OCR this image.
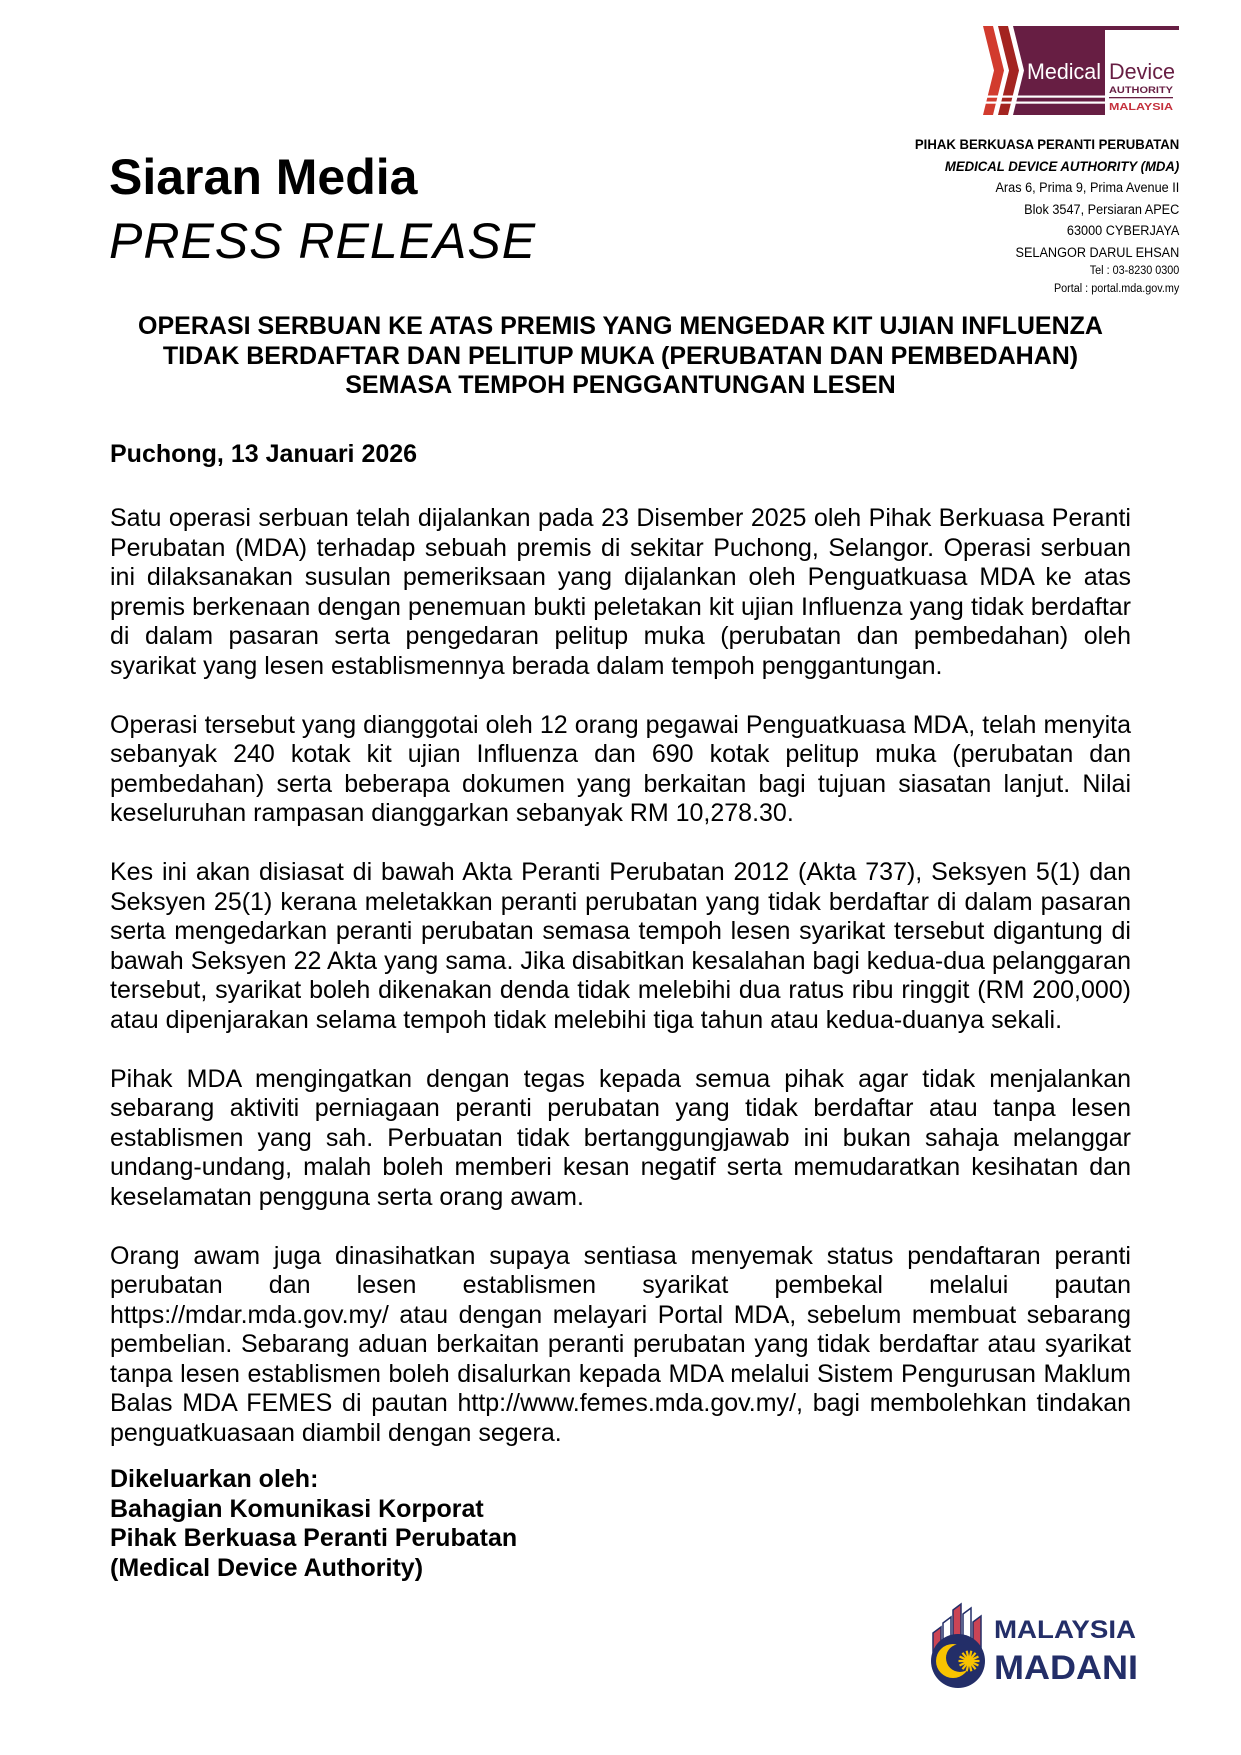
Medical Device
AUTHORITY
MALAYSIA
PIHAK BERKUASA PERANTI PERUBATAN
MEDICAL DEVICE AUTHORITY (MDA)
Aras 6, Prima 9, Prima Avenue II
Blok 3547, Persiaran APEC
63000 CYBERJAYA
SELANGOR DARUL EHSAN
Tel : 03-8230 0300
Portal : portal.mda.gov.my
Siaran Media
PRESS RELEASE

OPERASI SERBUAN KE ATAS PREMIS YANG MENGEDAR KIT UJIAN INFLUENZA TIDAK BERDAFTAR DAN PELITUP MUKA (PERUBATAN DAN PEMBEDAHAN) SEMASA TEMPOH PENGGANTUNGAN LESEN

Puchong, 13 Januari 2026

Satu operasi serbuan telah dijalankan pada 23 Disember 2025 oleh Pihak Berkuasa Peranti Perubatan (MDA) terhadap sebuah premis di sekitar Puchong, Selangor. Operasi serbuan ini dilaksanakan susulan pemeriksaan yang dijalankan oleh Penguatkuasa MDA ke atas premis berkenaan dengan penemuan bukti peletakan kit ujian Influenza yang tidak berdaftar di dalam pasaran serta pengedaran pelitup muka (perubatan dan pembedahan) oleh syarikat yang lesen establismennya berada dalam tempoh penggantungan.

Operasi tersebut yang dianggotai oleh 12 orang pegawai Penguatkuasa MDA, telah menyita sebanyak 240 kotak kit ujian Influenza dan 690 kotak pelitup muka (perubatan dan pembedahan) serta beberapa dokumen yang berkaitan bagi tujuan siasatan lanjut. Nilai keseluruhan rampasan dianggarkan sebanyak RM 10,278.30.

Kes ini akan disiasat di bawah Akta Peranti Perubatan 2012 (Akta 737), Seksyen 5(1) dan Seksyen 25(1) kerana meletakkan peranti perubatan yang tidak berdaftar di dalam pasaran serta mengedarkan peranti perubatan semasa tempoh lesen syarikat tersebut digantung di bawah Seksyen 22 Akta yang sama. Jika disabitkan kesalahan bagi kedua-dua pelanggaran tersebut, syarikat boleh dikenakan denda tidak melebihi dua ratus ribu ringgit (RM 200,000) atau dipenjarakan selama tempoh tidak melebihi tiga tahun atau kedua-duanya sekali.

Pihak MDA mengingatkan dengan tegas kepada semua pihak agar tidak menjalankan sebarang aktiviti perniagaan peranti perubatan yang tidak berdaftar atau tanpa lesen establismen yang sah. Perbuatan tidak bertanggungjawab ini bukan sahaja melanggar undang-undang, malah boleh memberi kesan negatif serta memudaratkan kesihatan dan keselamatan pengguna serta orang awam.

Orang awam juga dinasihatkan supaya sentiasa menyemak status pendaftaran peranti perubatan dan lesen establismen syarikat pembekal melalui pautan https://mdar.mda.gov.my/ atau dengan melayari Portal MDA, sebelum membuat sebarang pembelian. Sebarang aduan berkaitan peranti perubatan yang tidak berdaftar atau syarikat tanpa lesen establismen boleh disalurkan kepada MDA melalui Sistem Pengurusan Maklum Balas MDA FEMES di pautan http://www.femes.mda.gov.my/, bagi membolehkan tindakan penguatkuasaan diambil dengan segera.

Dikeluarkan oleh:
Bahagian Komunikasi Korporat
Pihak Berkuasa Peranti Perubatan
(Medical Device Authority)
MALAYSIA
MADANI
